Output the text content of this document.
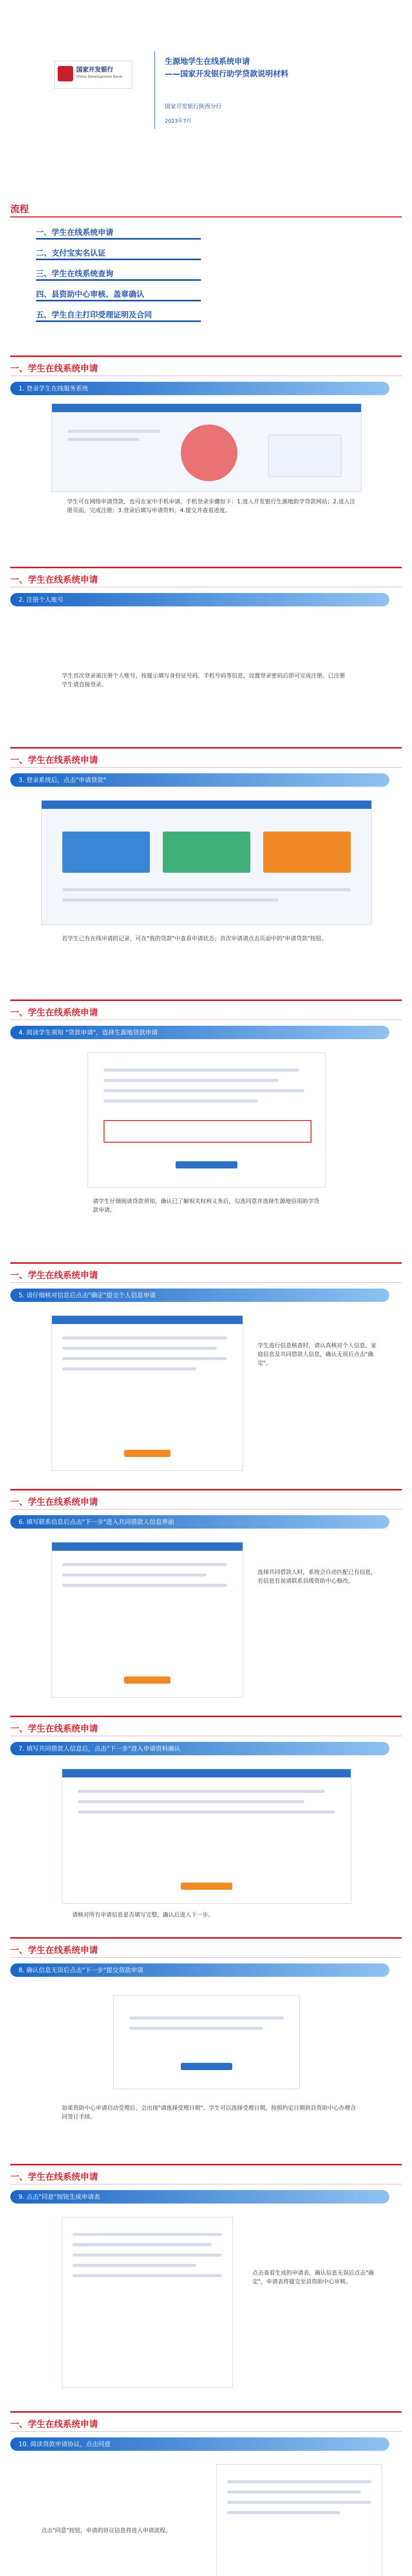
国家开发银行
China Development Bank
生源地学生在线系统申请
——国家开发银行助学贷款说明材料
国家开发银行陕西分行
2023年7月
流程
一、学生在线系统申请
二、支付宝实名认证
三、学生在线系统查询
四、县资助中心审核、盖章确认
五、学生自主打印受理证明及合同
一、学生在线系统申请
1. 登录学生在线服务系统
学生可在网络申请贷款，也可在家中手机申请。手机登录步骤如下：1.进入开发银行生源地助学贷款网站；2.进入注册页面，完成注册；3.登录后填写申请资料；4.提交并查看进度。
一、学生在线系统申请
2. 注册个人账号
学生首次登录需注册个人账号，按提示填写身份证号码、手机号码等信息，设置登录密码后即可完成注册。已注册学生请直接登录。
一、学生在线系统申请
3. 登录系统后，点击"申请贷款"
若学生已有在线申请的记录，可在"我的贷款"中查看申请状态；首次申请请点击页面中的"申请贷款"按钮。
一、学生在线系统申请
4. 阅读学生须知 "贷款申请"，选择生源地贷款申请
请学生仔细阅读贷款须知，确认已了解相关权利义务后，勾选同意并选择生源地信用助学贷款申请。
一、学生在线系统申请
5. 请仔细核对信息后点击"确定"提交个人信息申请
学生进行信息核查时，请认真核对个人信息、家庭信息及共同借款人信息，确认无误后点击"确定"。
一、学生在线系统申请
6. 填写联系信息后点击"下一步"进入共同借款人信息界面
选择共同借款人时，系统会自动匹配已有信息，若信息有误请联系县级资助中心修改。
一、学生在线系统申请
7. 填写共同借款人信息后，点击"下一步"进入申请资料确认
请核对所有申请信息是否填写完整，确认后进入下一步。
一、学生在线系统申请
8. 确认信息无误后点击"下一步"提交贷款申请
如果资助中心申请启动受理后，会出现"请选择受理日期"。学生可以选择受理日期，按照约定日期到县资助中心办理合同签订手续。
一、学生在线系统申请
9. 点击"同意"按钮生成申请表
点击查看生成的申请表，确认信息无误后点击"确定"，申请表将提交至县资助中心审核。
一、学生在线系统申请
10. 阅读贷款申请协议，点击同意
点击"同意"按钮，申请的协议信息将进入申请流程。
